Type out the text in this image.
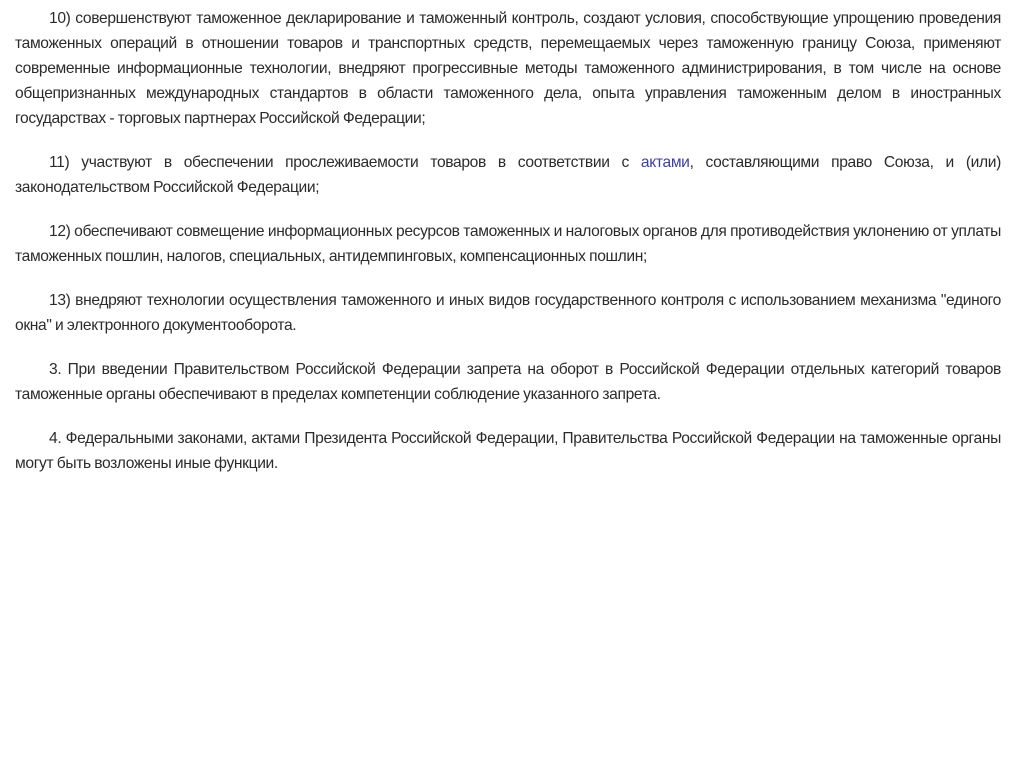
10) совершенствуют таможенное декларирование и таможенный контроль, создают условия, способствующие упрощению проведения таможенных операций в отношении товаров и транспортных средств, перемещаемых через таможенную границу Союза, применяют современные информационные технологии, внедряют прогрессивные методы таможенного администрирования, в том числе на основе общепризнанных международных стандартов в области таможенного дела, опыта управления таможенным делом в иностранных государствах - торговых партнерах Российской Федерации;

11) участвуют в обеспечении прослеживаемости товаров в соответствии с актами, составляющими право Союза, и (или) законодательством Российской Федерации;

12) обеспечивают совмещение информационных ресурсов таможенных и налоговых органов для противодействия уклонению от уплаты таможенных пошлин, налогов, специальных, антидемпинговых, компенсационных пошлин;

13) внедряют технологии осуществления таможенного и иных видов государственного контроля с использованием механизма "единого окна" и электронного документооборота.

3. При введении Правительством Российской Федерации запрета на оборот в Российской Федерации отдельных категорий товаров таможенные органы обеспечивают в пределах компетенции соблюдение указанного запрета.

4. Федеральными законами, актами Президента Российской Федерации, Правительства Российской Федерации на таможенные органы могут быть возложены иные функции.
